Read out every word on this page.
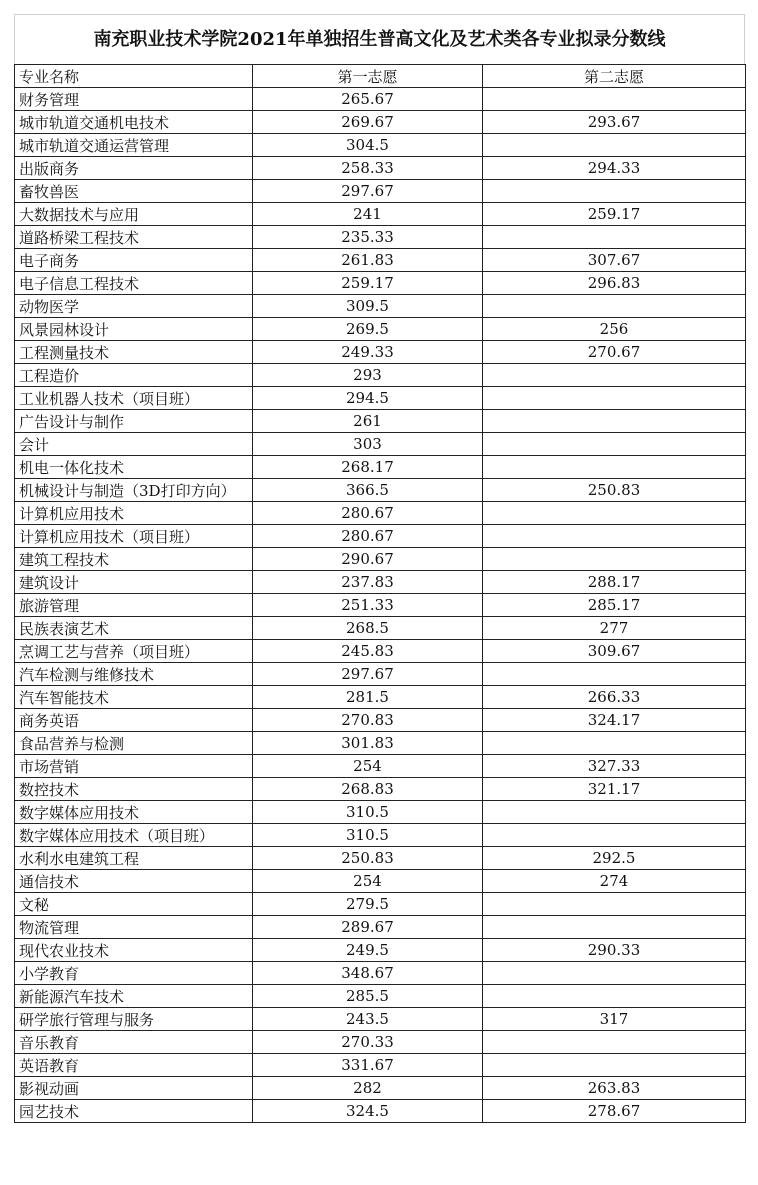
南充职业技术学院2021年单独招生普高文化及艺术类各专业拟录分数线
专业名称	第一志愿	第二志愿
财务管理	265.67	
城市轨道交通机电技术	269.67	293.67
城市轨道交通运营管理	304.5	
出版商务	258.33	294.33
畜牧兽医	297.67	
大数据技术与应用	241	259.17
道路桥梁工程技术	235.33	
电子商务	261.83	307.67
电子信息工程技术	259.17	296.83
动物医学	309.5	
风景园林设计	269.5	256
工程测量技术	249.33	270.67
工程造价	293	
工业机器人技术（项目班）	294.5	
广告设计与制作	261	
会计	303	
机电一体化技术	268.17	
机械设计与制造（3D打印方向）	366.5	250.83
计算机应用技术	280.67	
计算机应用技术（项目班）	280.67	
建筑工程技术	290.67	
建筑设计	237.83	288.17
旅游管理	251.33	285.17
民族表演艺术	268.5	277
烹调工艺与营养（项目班）	245.83	309.67
汽车检测与维修技术	297.67	
汽车智能技术	281.5	266.33
商务英语	270.83	324.17
食品营养与检测	301.83	
市场营销	254	327.33
数控技术	268.83	321.17
数字媒体应用技术	310.5	
数字媒体应用技术（项目班）	310.5	
水利水电建筑工程	250.83	292.5
通信技术	254	274
文秘	279.5	
物流管理	289.67	
现代农业技术	249.5	290.33
小学教育	348.67	
新能源汽车技术	285.5	
研学旅行管理与服务	243.5	317
音乐教育	270.33	
英语教育	331.67	
影视动画	282	263.83
园艺技术	324.5	278.67
